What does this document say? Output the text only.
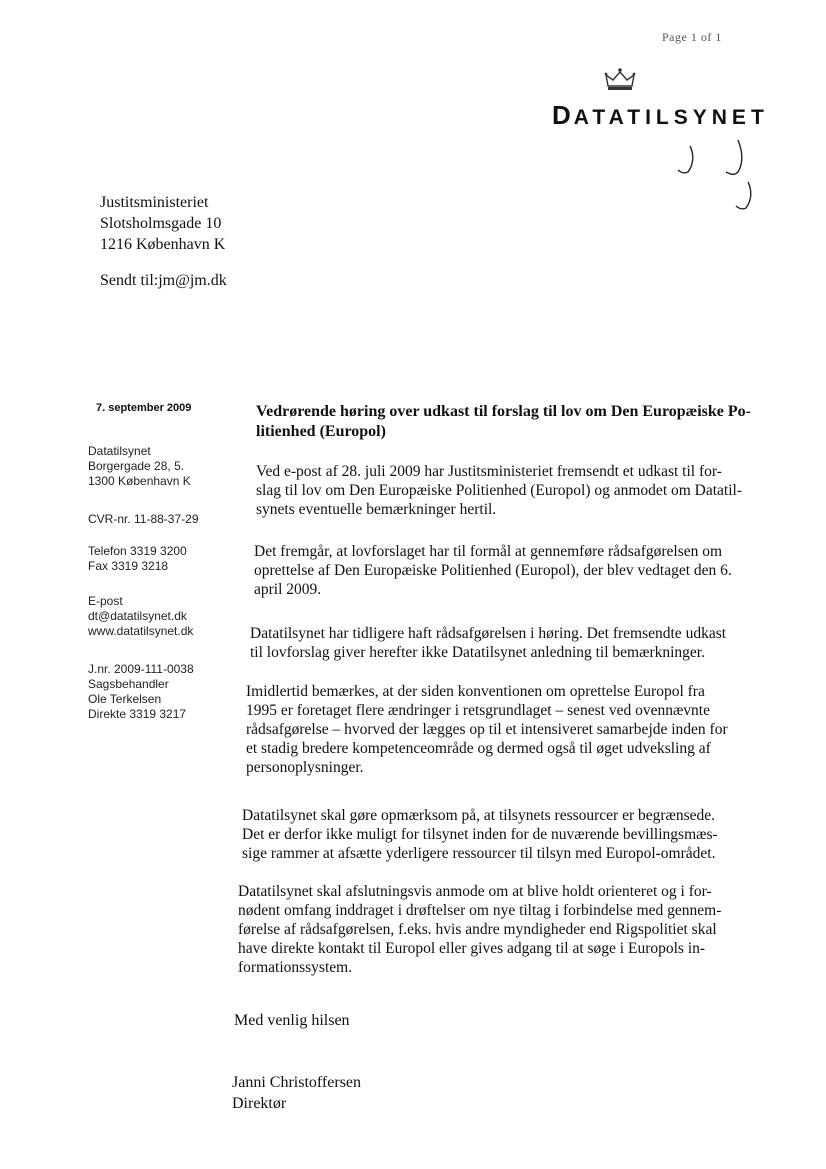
Page 1 of 1
DATATILSYNET
Justitsministeriet
Slotsholmsgade 10
1216 København K
Sendt til:jm@jm.dk
7. september 2009
Datatilsynet
Borgergade 28, 5.
1300 København K
CVR-nr. 11-88-37-29
Telefon 3319 3200
Fax 3319 3218
E-post
dt@datatilsynet.dk
www.datatilsynet.dk
J.nr. 2009-111-0038
Sagsbehandler
Ole Terkelsen
Direkte 3319 3217
Vedrørende høring over udkast til forslag til lov om Den Europæiske Po-
litienhed (Europol)
Ved e-post af 28. juli 2009 har Justitsministeriet fremsendt et udkast til for-
slag til lov om Den Europæiske Politienhed (Europol) og anmodet om Datatil-
synets eventuelle bemærkninger hertil.
Det fremgår, at lovforslaget har til formål at gennemføre rådsafgørelsen om
oprettelse af Den Europæiske Politienhed (Europol), der blev vedtaget den 6.
april 2009.
Datatilsynet har tidligere haft rådsafgørelsen i høring. Det fremsendte udkast
til lovforslag giver herefter ikke Datatilsynet anledning til bemærkninger.
Imidlertid bemærkes, at der siden konventionen om oprettelse Europol fra
1995 er foretaget flere ændringer i retsgrundlaget – senest ved ovennævnte
rådsafgørelse – hvorved der lægges op til et intensiveret samarbejde inden for
et stadig bredere kompetenceområde og dermed også til øget udveksling af
personoplysninger.
Datatilsynet skal gøre opmærksom på, at tilsynets ressourcer er begrænsede.
Det er derfor ikke muligt for tilsynet inden for de nuværende bevillingsmæs-
sige rammer at afsætte yderligere ressourcer til tilsyn med Europol-området.
Datatilsynet skal afslutningsvis anmode om at blive holdt orienteret og i for-
nødent omfang inddraget i drøftelser om nye tiltag i forbindelse med gennem-
førelse af rådsafgørelsen, f.eks. hvis andre myndigheder end Rigspolitiet skal
have direkte kontakt til Europol eller gives adgang til at søge i Europols in-
formationssystem.
Med venlig hilsen
Janni Christoffersen
Direktør
